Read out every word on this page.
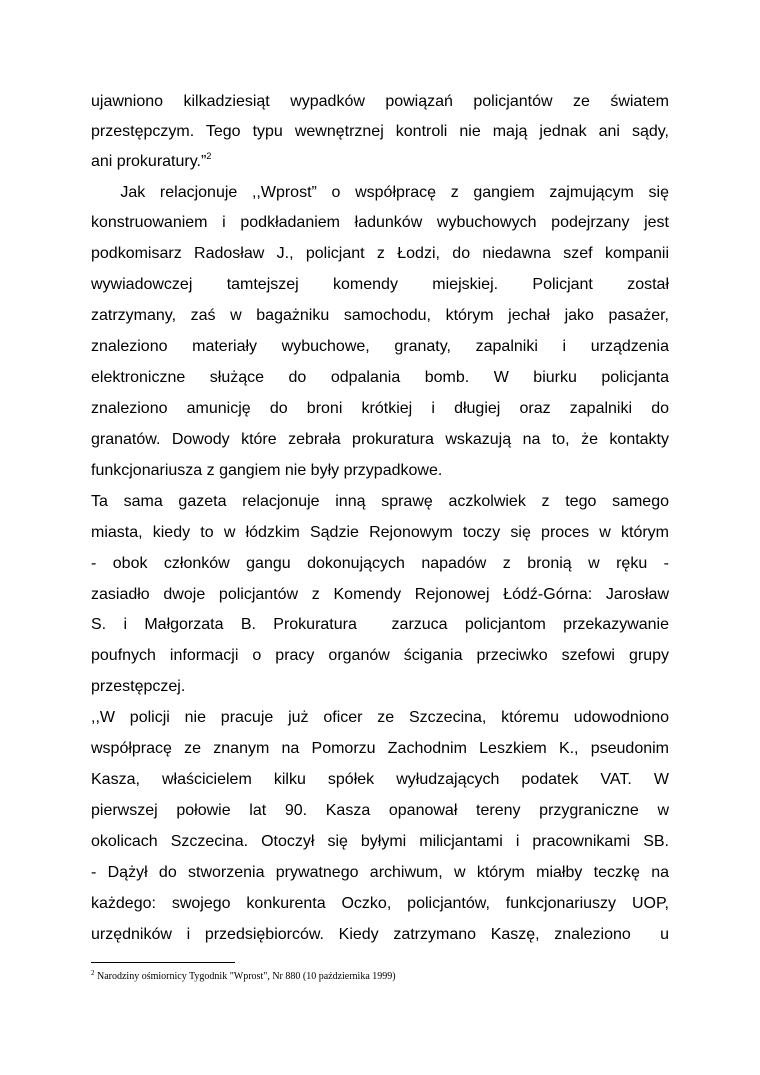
ujawniono kilkadziesiąt wypadków powiązań policjantów ze światem
przestępczym. Tego typu wewnętrznej kontroli nie mają jednak ani sądy,
ani prokuratury.”$^2$
Jak relacjonuje ,,Wprost” o współpracę z gangiem zajmującym się
konstruowaniem i podkładaniem ładunków wybuchowych podejrzany jest
podkomisarz Radosław J., policjant z Łodzi, do niedawna szef kompanii
wywiadowczej tamtejszej komendy miejskiej. Policjant został
zatrzymany, zaś w bagażniku samochodu, którym jechał jako pasażer,
znaleziono materiały wybuchowe, granaty, zapalniki i urządzenia
elektroniczne służące do odpalania bomb. W biurku policjanta
znaleziono amunicję do broni krótkiej i długiej oraz zapalniki do
granatów. Dowody które zebrała prokuratura wskazują na to, że kontakty
funkcjonariusza z gangiem nie były przypadkowe.
Ta sama gazeta relacjonuje inną sprawę aczkolwiek z tego samego
miasta, kiedy to w łódzkim Sądzie Rejonowym toczy się proces w którym
- obok członków gangu dokonujących napadów z bronią w ręku -
zasiadło dwoje policjantów z Komendy Rejonowej Łódź-Górna: Jarosław
S. i Małgorzata B. Prokuratura  zarzuca policjantom przekazywanie
poufnych informacji o pracy organów ścigania przeciwko szefowi grupy
przestępczej.
,,W policji nie pracuje już oficer ze Szczecina, któremu udowodniono
współpracę ze znanym na Pomorzu Zachodnim Leszkiem K., pseudonim
Kasza, właścicielem kilku spółek wyłudzających podatek VAT. W
pierwszej połowie lat 90. Kasza opanował tereny przygraniczne w
okolicach Szczecina. Otoczył się byłymi milicjantami i pracownikami SB.
- Dążył do stworzenia prywatnego archiwum, w którym miałby teczkę na
każdego: swojego konkurenta Oczko, policjantów, funkcjonariuszy UOP,
urzędników i przedsiębiorców. Kiedy zatrzymano Kaszę, znaleziono  u
$^2$ Narodziny ośmiornicy Tygodnik "Wprost", Nr 880 (10 października 1999)
